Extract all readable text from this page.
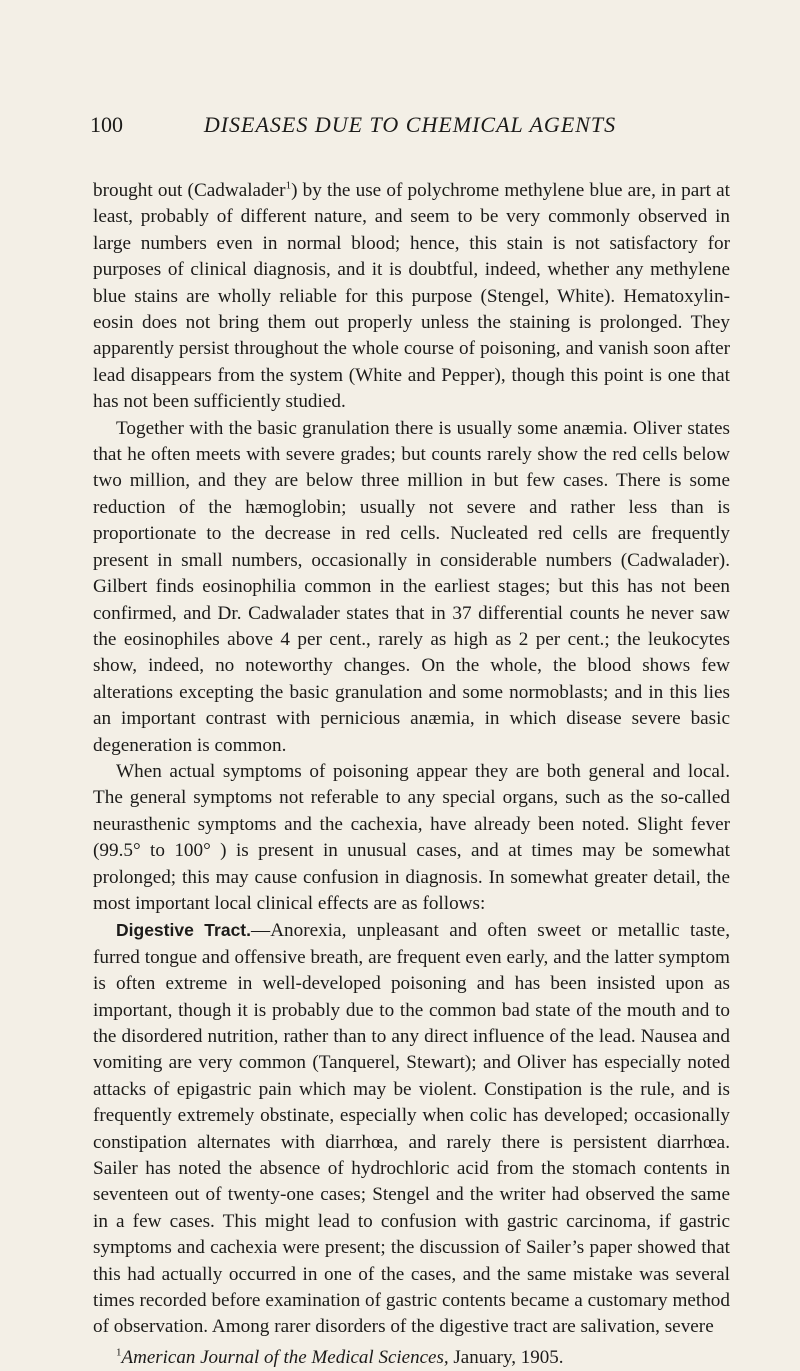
100	DISEASES DUE TO CHEMICAL AGENTS

brought out (Cadwalader$^1$) by the use of polychrome methylene blue are, in part at least, probably of different nature, and seem to be very commonly observed in large numbers even in normal blood; hence, this stain is not satisfactory for purposes of clinical diagnosis, and it is doubtful, indeed, whether any methylene blue stains are wholly reliable for this purpose (Stengel, White). Hematoxylin-eosin does not bring them out properly unless the staining is prolonged. They apparently persist throughout the whole course of poisoning, and vanish soon after lead disappears from the system (White and Pepper), though this point is one that has not been sufficiently studied.

Together with the basic granulation there is usually some anæmia. Oliver states that he often meets with severe grades; but counts rarely show the red cells below two million, and they are below three million in but few cases. There is some reduction of the hæmoglobin; usually not severe and rather less than is proportionate to the decrease in red cells. Nucleated red cells are frequently present in small numbers, occasionally in considerable numbers (Cadwalader). Gilbert finds eosinophilia common in the earliest stages; but this has not been confirmed, and Dr. Cadwalader states that in 37 differential counts he never saw the eosinophiles above 4 per cent., rarely as high as 2 per cent.; the leukocytes show, indeed, no noteworthy changes. On the whole, the blood shows few alterations excepting the basic granulation and some normoblasts; and in this lies an important contrast with pernicious anæmia, in which disease severe basic degeneration is common.

When actual symptoms of poisoning appear they are both general and local. The general symptoms not referable to any special organs, such as the so-called neurasthenic symptoms and the cachexia, have already been noted. Slight fever (99.5° to 100° ) is present in unusual cases, and at times may be somewhat prolonged; this may cause confusion in diagnosis. In somewhat greater detail, the most important local clinical effects are as follows:

Digestive Tract.—Anorexia, unpleasant and often sweet or metallic taste, furred tongue and offensive breath, are frequent even early, and the latter symptom is often extreme in well-developed poisoning and has been insisted upon as important, though it is probably due to the common bad state of the mouth and to the disordered nutrition, rather than to any direct influence of the lead. Nausea and vomiting are very common (Tanquerel, Stewart); and Oliver has especially noted attacks of epigastric pain which may be violent. Constipation is the rule, and is frequently extremely obstinate, especially when colic has developed; occasionally constipation alternates with diarrhœa, and rarely there is persistent diarrhœa. Sailer has noted the absence of hydrochloric acid from the stomach contents in seventeen out of twenty-one cases; Stengel and the writer had observed the same in a few cases. This might lead to confusion with gastric carcinoma, if gastric symptoms and cachexia were present; the discussion of Sailer’s paper showed that this had actually occurred in one of the cases, and the same mistake was several times recorded before examination of gastric contents became a customary method of observation. Among rarer disorders of the digestive tract are salivation, severe

$^1$American Journal of the Medical Sciences, January, 1905.
